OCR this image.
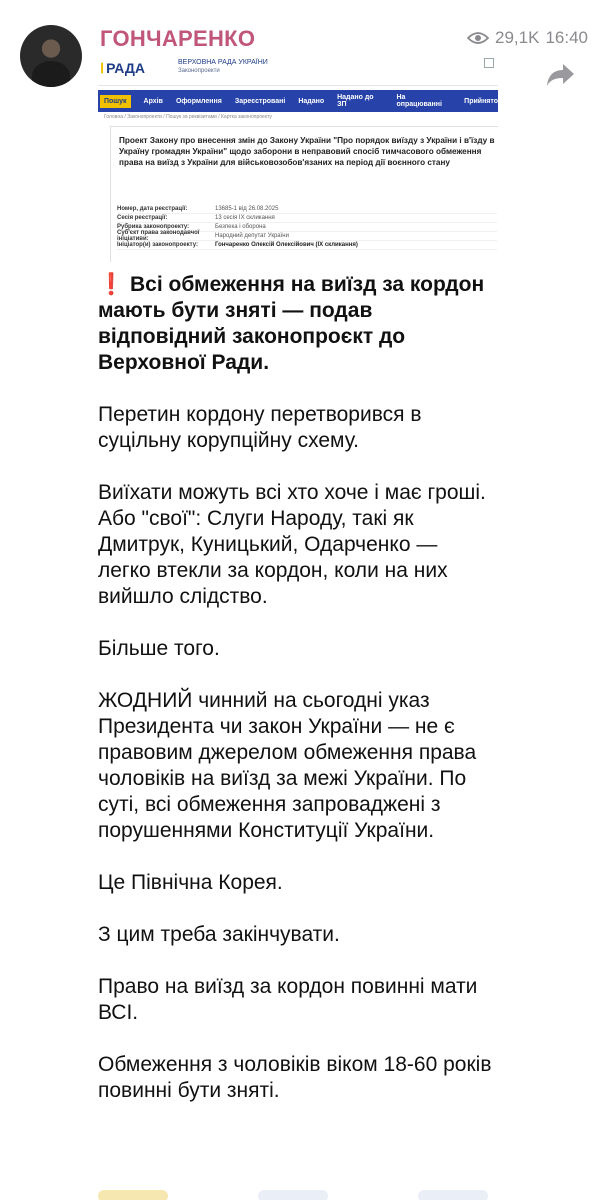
ГОНЧАРЕНКО	29,1K 16:40
Ⅰ РАДА	ВЕРХОВНА РАДА УКРАЇНИ
Законопроекти
Пошук	Архів Оформлення Зареєстровані Надано Надано до ЗП
На опрацюванні	Прийнято
Головна / Законопроекти / Пошук за реквізитами / Картка законопроекту
Проект Закону про внесення змін до Закону України "Про порядок виїзду з України і в'їзду в Україну громадян України" щодо заборони в неправовий спосіб тимчасового обмеження права на виїзд з України для військовозобов'язаних на період дії воєнного стану
Номер, дата реєстрації:	13685-1 від 26.08.2025
Сесія реєстрації:	13 сесія IX скликання
Рубрика законопроекту:	Безпека і оборона
Суб'єкт права законодавчої ініціативи:	Народний депутат України
Ініціатор(и) законопроекту:	Гончаренко Олексій Олексійович (IX скликання)

❗ Всі обмеження на виїзд за кордон мають бути зняті — подав відповідний законопроєкт до Верховної Ради.

Перетин кордону перетворився в суцільну корупційну схему.

Виїхати можуть всі хто хоче і має гроші. Або "свої": Слуги Народу, такі як Дмитрук, Куницький, Одарченко — легко втекли за кордон, коли на них вийшло слідство.

Більше того.

ЖОДНИЙ чинний на сьогодні указ Президента чи закон України — не є правовим джерелом обмеження права чоловіків на виїзд за межі України. По суті, всі обмеження запроваджені з порушеннями Конституції України.

Це Північна Корея.

З цим треба закінчувати.

Право на виїзд за кордон повинні мати ВСІ.

Обмеження з чоловіків віком 18-60 років повинні бути зняті.
